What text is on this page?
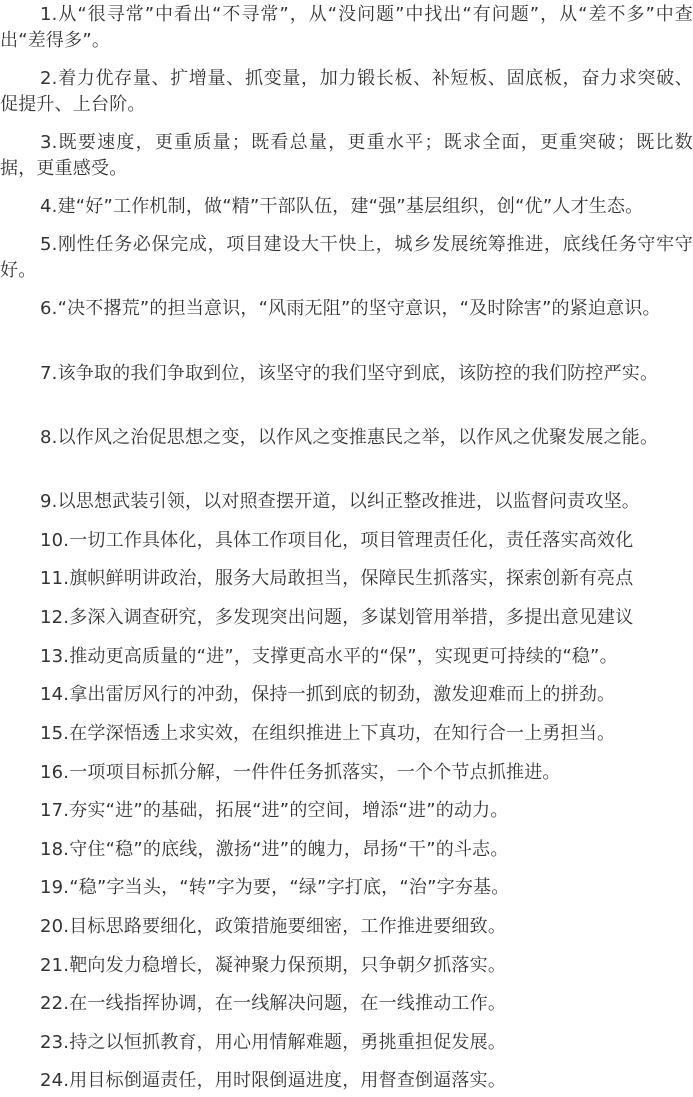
1.从“很寻常”中看出“不寻常”，从“没问题”中找出“有问题”，从“差不多”中查出“差得多”。

2.着力优存量、扩增量、抓变量，加力锻长板、补短板、固底板，奋力求突破、促提升、上台阶。

3.既要速度，更重质量；既看总量，更重水平；既求全面，更重突破；既比数据，更重感受。

4.建“好”工作机制，做“精”干部队伍，建“强”基层组织，创“优”人才生态。

5.刚性任务必保完成，项目建设大干快上，城乡发展统筹推进，底线任务守牢守好。

6.“决不撂荒”的担当意识，“风雨无阻”的坚守意识，“及时除害”的紧迫意识。

7.该争取的我们争取到位，该坚守的我们坚守到底，该防控的我们防控严实。

8.以作风之治促思想之变，以作风之变推惠民之举，以作风之优聚发展之能。

9.以思想武装引领，以对照查摆开道，以纠正整改推进，以监督问责攻坚。

10.一切工作具体化，具体工作项目化，项目管理责任化，责任落实高效化

11.旗帜鲜明讲政治，服务大局敢担当，保障民生抓落实，探索创新有亮点

12.多深入调查研究，多发现突出问题，多谋划管用举措，多提出意见建议

13.推动更高质量的“进”，支撑更高水平的“保”，实现更可持续的“稳”。

14.拿出雷厉风行的冲劲，保持一抓到底的韧劲，激发迎难而上的拼劲。

15.在学深悟透上求实效，在组织推进上下真功，在知行合一上勇担当。

16.一项项目标抓分解，一件件任务抓落实，一个个节点抓推进。

17.夯实“进”的基础，拓展“进”的空间，增添“进”的动力。

18.守住“稳”的底线，激扬“进”的魄力，昂扬“干”的斗志。

19.“稳”字当头，“转”字为要，“绿”字打底，“治”字夯基。

20.目标思路要细化，政策措施要细密，工作推进要细致。

21.靶向发力稳增长，凝神聚力保预期，只争朝夕抓落实。

22.在一线指挥协调，在一线解决问题，在一线推动工作。

23.持之以恒抓教育，用心用情解难题，勇挑重担促发展。

24.用目标倒逼责任，用时限倒逼进度，用督查倒逼落实。
